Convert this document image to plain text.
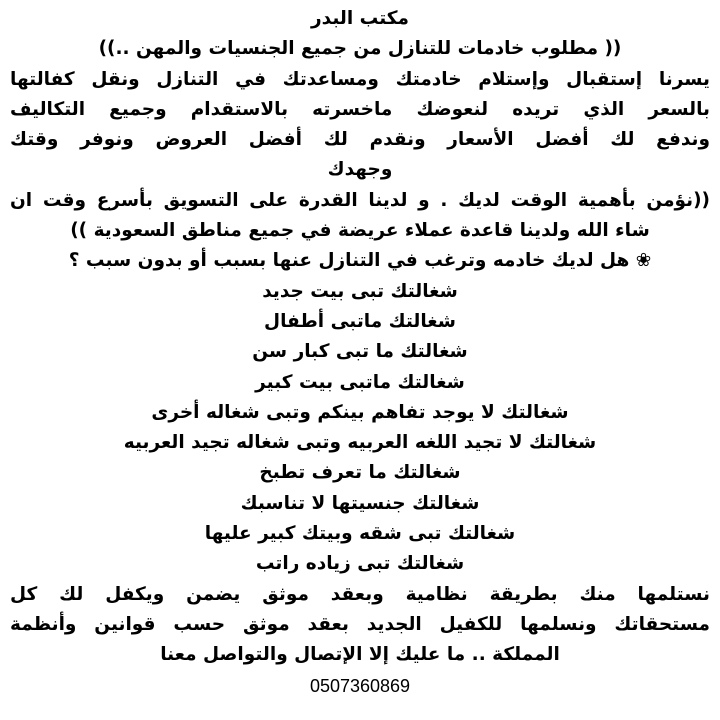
مكتب البدر
(( مطلوب خادمات للتنازل من جميع الجنسيات والمهن ..))
يسرنا إستقبال وإستلام خادمتك ومساعدتك في التنازل ونقل كفالتها
بالسعر الذي تريده لنعوضك ماخسرته بالاستقدام وجميع التكاليف
وندفع لك أفضل الأسعار ونقدم لك أفضل العروض ونوفر وقتك
وجهدك
((نؤمن بأهمية الوقت لديك . و لدينا القدرة على التسويق بأسرع وقت ان
شاء الله ولدينا قاعدة عملاء عريضة في جميع مناطق السعودية ))
❀ هل لديك خادمه وترغب في التنازل عنها بسبب أو بدون سبب ؟
شغالتك تبى بيت جديد
شغالتك ماتبى أطفال
شغالتك ما تبى كبار سن
شغالتك ماتبى بيت كبير
شغالتك لا يوجد تفاهم بينكم وتبى شغاله أخرى
شغالتك لا تجيد اللغه العربيه وتبى شغاله تجيد العربيه
شغالتك ما تعرف تطبخ
شغالتك جنسيتها لا تناسبك
شغالتك تبى شقه وبيتك كبير عليها
شغالتك تبى زياده راتب
نستلمها منك بطريقة نظامية وبعقد موثق يضمن ويكفل لك كل
مستحقاتك ونسلمها للكفيل الجديد بعقد موثق حسب قوانين وأنظمة
المملكة .. ما عليك إلا الإتصال والتواصل معنا
0507360869
